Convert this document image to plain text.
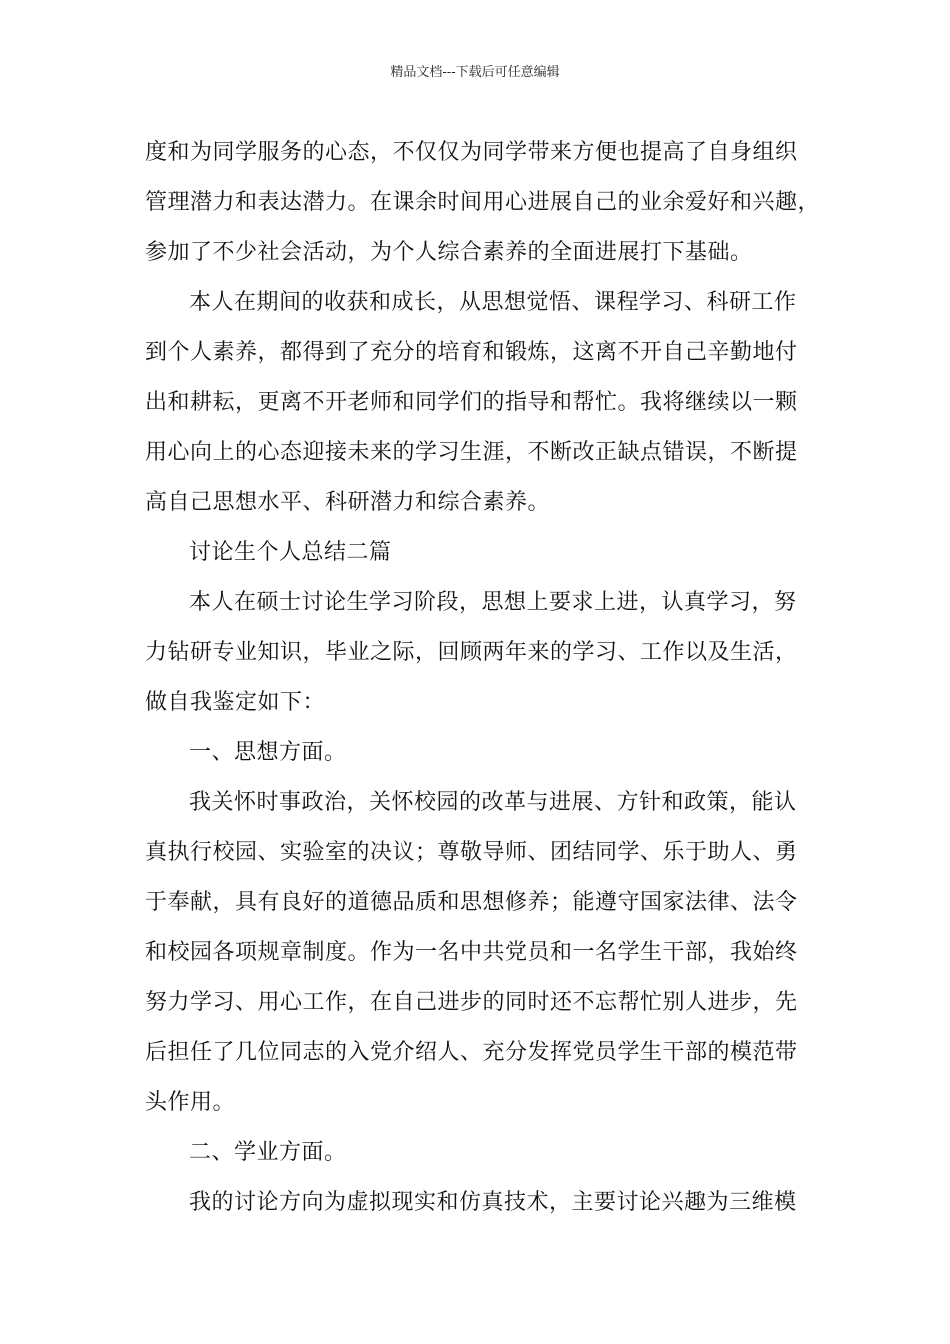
精品文档---下载后可任意编辑
度和为同学服务的心态，不仅仅为同学带来方便也提高了自身组织
管理潜力和表达潜力。在课余时间用心进展自己的业余爱好和兴趣，
参加了不少社会活动，为个人综合素养的全面进展打下基础。
本人在期间的收获和成长，从思想觉悟、课程学习、科研工作
到个人素养，都得到了充分的培育和锻炼，这离不开自己辛勤地付
出和耕耘，更离不开老师和同学们的指导和帮忙。我将继续以一颗
用心向上的心态迎接未来的学习生涯，不断改正缺点错误，不断提
高自己思想水平、科研潜力和综合素养。
讨论生个人总结二篇
本人在硕士讨论生学习阶段，思想上要求上进，认真学习，努
力钻研专业知识，毕业之际，回顾两年来的学习、工作以及生活，
做自我鉴定如下：
一、思想方面。
我关怀时事政治，关怀校园的改革与进展、方针和政策，能认
真执行校园、实验室的决议；尊敬导师、团结同学、乐于助人、勇
于奉献，具有良好的道德品质和思想修养；能遵守国家法律、法令
和校园各项规章制度。作为一名中共党员和一名学生干部，我始终
努力学习、用心工作，在自己进步的同时还不忘帮忙别人进步，先
后担任了几位同志的入党介绍人、充分发挥党员学生干部的模范带
头作用。
二、学业方面。
我的讨论方向为虚拟现实和仿真技术，主要讨论兴趣为三维模
